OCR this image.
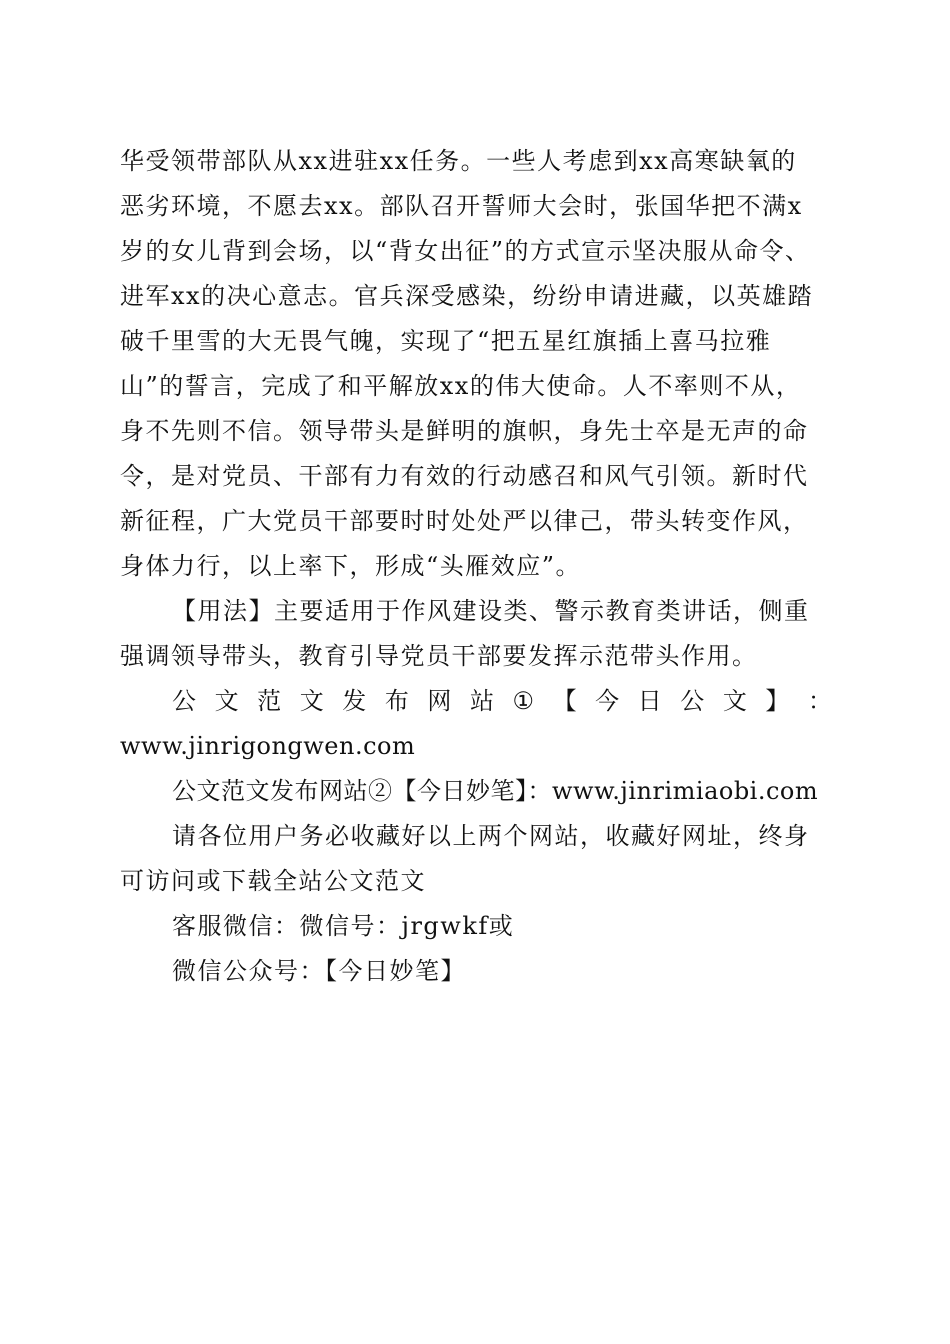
华受领带部队从xx进驻xx任务。一些人考虑到xx高寒缺氧的
恶劣环境，不愿去xx。部队召开誓师大会时，张国华把不满x
岁的女儿背到会场，以“背女出征”的方式宣示坚决服从命令、
进军xx的决心意志。官兵深受感染，纷纷申请进藏，以英雄踏
破千里雪的大无畏气魄，实现了“把五星红旗插上喜马拉雅
山”的誓言，完成了和平解放xx的伟大使命。人不率则不从，
身不先则不信。领导带头是鲜明的旗帜，身先士卒是无声的命
令，是对党员、干部有力有效的行动感召和风气引领。新时代
新征程，广大党员干部要时时处处严以律己，带头转变作风，
身体力行，以上率下，形成“头雁效应”。
【用法】主要适用于作风建设类、警示教育类讲话，侧重
强调领导带头，教育引导党员干部要发挥示范带头作用。
公 文 范 文 发 布 网 站 ① 【 今 日 公 文 】 ：
www.jinrigongwen.com
公文范文发布网站②【今日妙笔】：www.jinrimiaobi.com
请各位用户务必收藏好以上两个网站，收藏好网址，终身
可访问或下载全站公文范文
客服微信：微信号：jrgwkf或
微信公众号：【今日妙笔】
